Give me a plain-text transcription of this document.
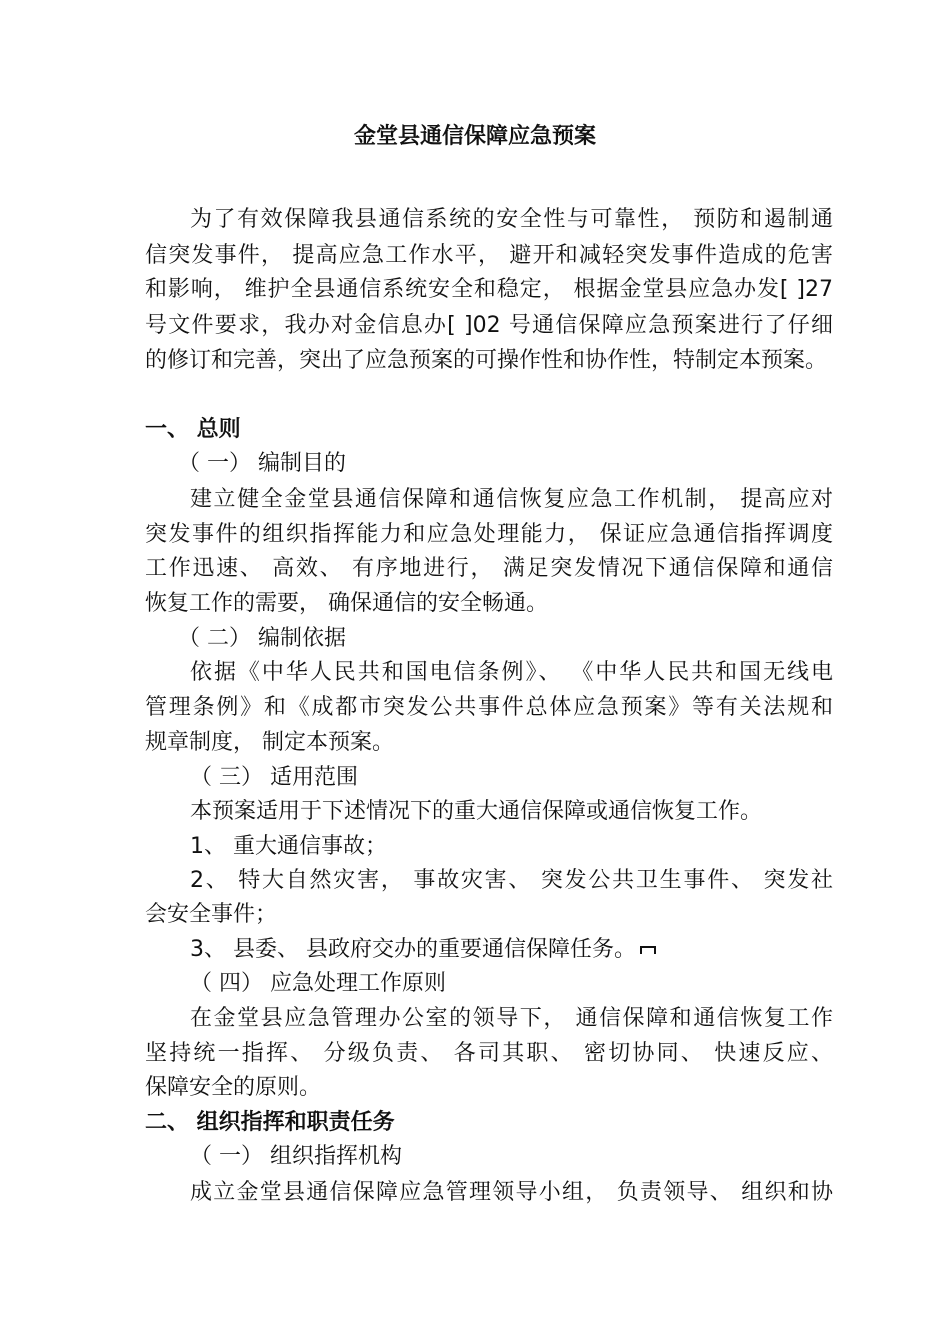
金堂县通信保障应急预案
为了有效保障我县通信系统的安全性与可靠性， 预防和遏制通
信突发事件， 提高应急工作水平， 避开和减轻突发事件造成的危害
和影响， 维护全县通信系统安全和稳定， 根据金堂县应急办发[ ]27
号文件要求，我办对金信息办[ ]02 号通信保障应急预案进行了仔细
的修订和完善，突出了应急预案的可操作性和协作性，特制定本预案。
一、 总则
（ 一） 编制目的
建立健全金堂县通信保障和通信恢复应急工作机制， 提高应对
突发事件的组织指挥能力和应急处理能力， 保证应急通信指挥调度
工作迅速、 高效、 有序地进行， 满足突发情况下通信保障和通信
恢复工作的需要， 确保通信的安全畅通。
（ 二） 编制依据
依据《中华人民共和国电信条例》、 《中华人民共和国无线电
管理条例》和《成都市突发公共事件总体应急预案》等有关法规和
规章制度， 制定本预案。
（ 三） 适用范围
本预案适用于下述情况下的重大通信保障或通信恢复工作。
1、 重大通信事故；
2、 特大自然灾害， 事故灾害、 突发公共卫生事件、 突发社
会安全事件；
3、 县委、 县政府交办的重要通信保障任务。
（ 四） 应急处理工作原则
在金堂县应急管理办公室的领导下， 通信保障和通信恢复工作
坚持统一指挥、 分级负责、 各司其职、 密切协同、 快速反应、
保障安全的原则。
二、 组织指挥和职责任务
（ 一） 组织指挥机构
成立金堂县通信保障应急管理领导小组， 负责领导、 组织和协
